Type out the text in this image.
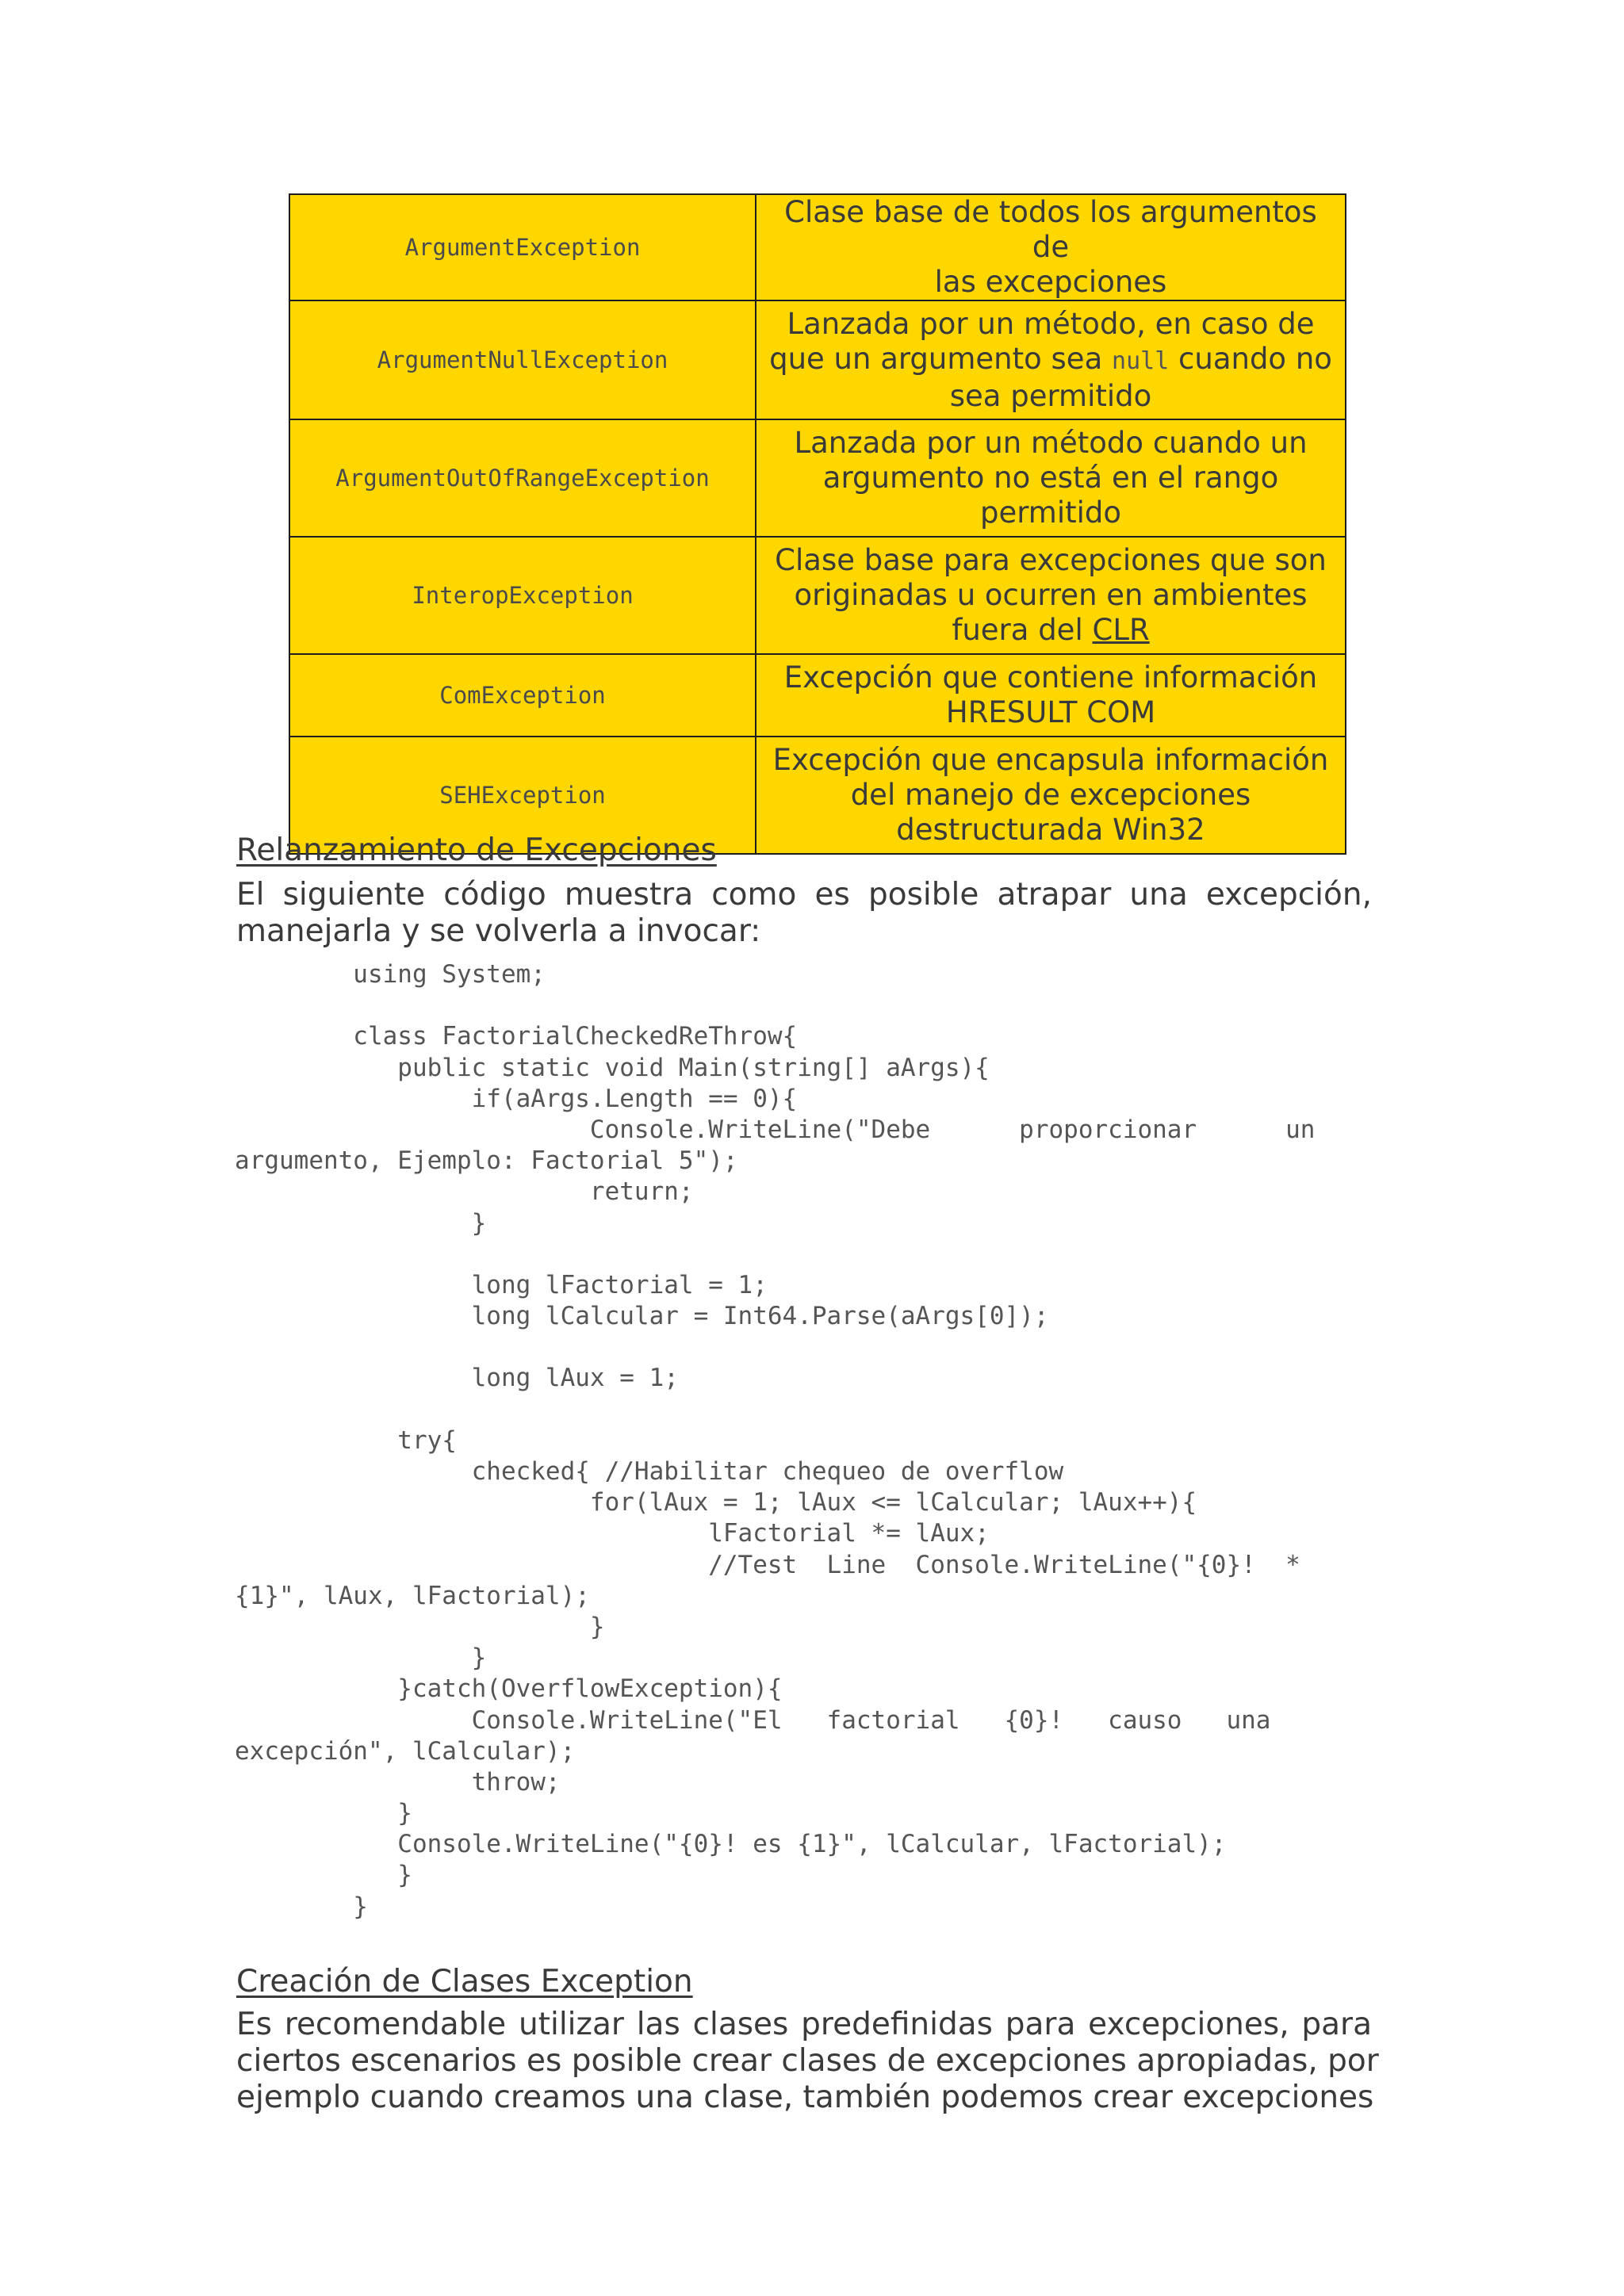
ArgumentException	Clase base de todos los argumentos de
las excepciones
ArgumentNullException	Lanzada por un método, en caso de
que un argumento sea null cuando no
sea permitido
ArgumentOutOfRangeException	Lanzada por un método cuando un
argumento no está en el rango
permitido
InteropException	Clase base para excepciones que son
originadas u ocurren en ambientes
fuera del CLR
ComException	Excepción que contiene información
HRESULT COM
SEHException	Excepción que encapsula información
del manejo de excepciones
destructurada Win32
Relanzamiento de Excepciones
El siguiente código muestra como es posible atrapar una excepción,
manejarla y se volverla a invocar:
using System;
class FactorialCheckedReThrow{
public static void Main(string[] aArgs){
if(aArgs.Length == 0){
Console.WriteLine("Debe      proporcionar      un
argumento, Ejemplo: Factorial 5");
return;
}
long lFactorial = 1;
long lCalcular = Int64.Parse(aArgs[0]);
long lAux = 1;
try{
checked{ //Habilitar chequeo de overflow
for(lAux = 1; lAux <= lCalcular; lAux++){
lFactorial *= lAux;
//Test  Line  Console.WriteLine("{0}!  *
{1}", lAux, lFactorial);
}
}
}catch(OverflowException){
Console.WriteLine("El   factorial   {0}!   causo   una
excepción", lCalcular);
throw;
}
Console.WriteLine("{0}! es {1}", lCalcular, lFactorial);
}
}
Creación de Clases Exception
Es recomendable utilizar las clases predefinidas para excepciones, para
ciertos escenarios es posible crear clases de excepciones apropiadas, por
ejemplo cuando creamos una clase, también podemos crear excepciones
